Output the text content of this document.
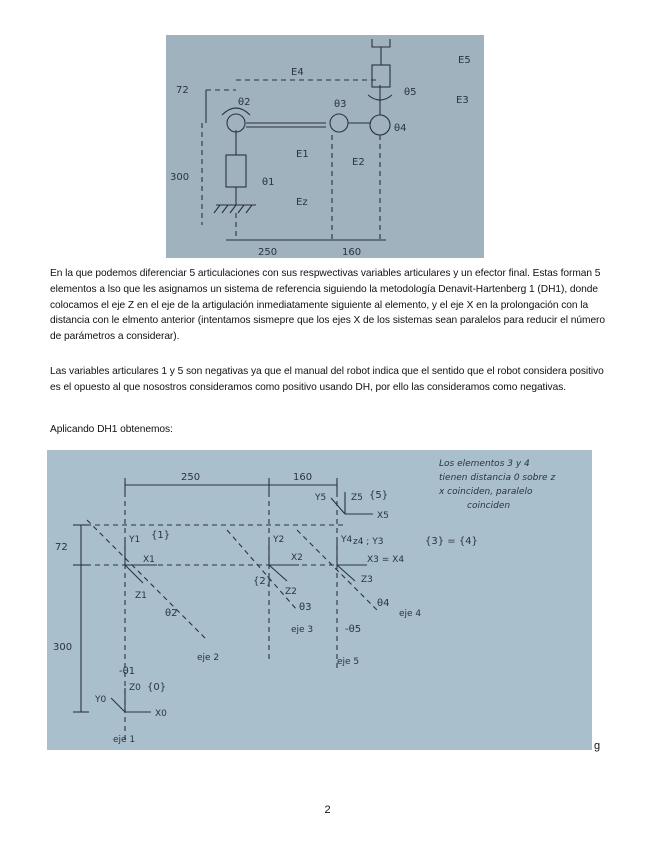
72
300
250	160
E4
E5
E3
E1
E2
Ez
θ2
θ1
θ3
θ4
θ5

En la que podemos diferenciar 5 articulaciones con sus respwectivas variables articulares y un efector final. Estas forman 5 elementos a lso que les asignamos un sistema de referencia siguiendo la metodología Denavit-Hartenberg 1 (DH1), donde colocamos el eje Z en el eje de la artigulación inmediatamente siguiente al elemento, y el eje X en la prolongación con la distancia con le elmento anterior (intentamos sismepre que los ejes X de los sistemas sean paralelos para reducir el número de parámetros a considerar).

Las variables articulares 1 y 5 son negativas ya que el manual del robot indica que el sentido que el robot considera positivo es el opuesto al que nosostros consideramos como positivo usando DH, por ello las consideramos como negativas.

Aplicando DH1 obtenemos:

250	160
72
300
Y1
X1
Z1
{1}
θ2
eje 2
Y2
X2
Z2
{2}
θ3
eje 3
Y4 z4 ; Y3
X3 = X4
Z3
{3} = {4}
θ4
eje 4
-θ5
eje 5
Y5	Z5
X5
{5}
Y0
Z0
X0
{0}
-θ1
eje 1
Los elementos 3 y 4
tienen distancia 0 sobre z
x coinciden, paralelo
coinciden
g
2
